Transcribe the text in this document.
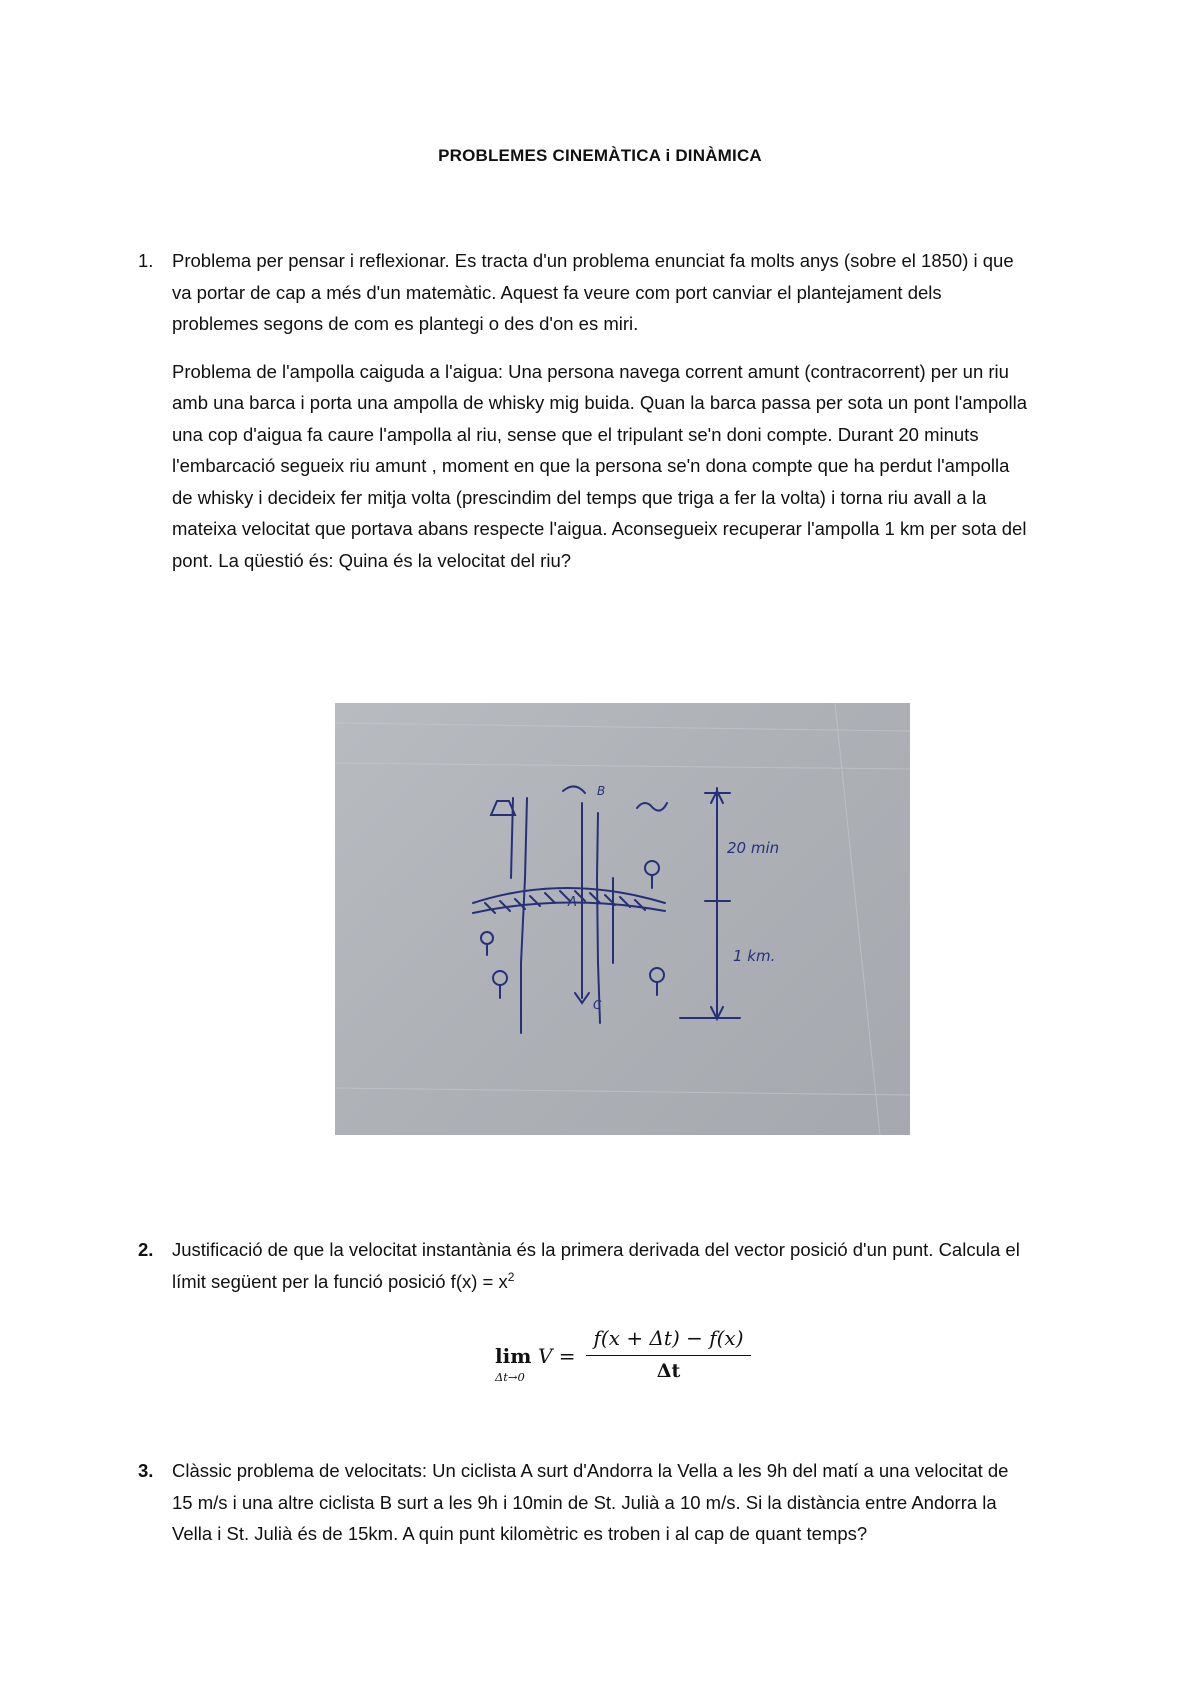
PROBLEMES CINEMÀTICA i DINÀMICA
1. Problema per pensar i reflexionar. Es tracta d'un problema enunciat fa molts anys (sobre el 1850) i que va portar de cap a més d'un matemàtic. Aquest fa veure com port canviar el plantejament dels problemes segons de com es plantegi o des d'on es miri.

Problema de l'ampolla caiguda a l'aigua: Una persona navega corrent amunt (contracorrent) per un riu amb una barca i porta una ampolla de whisky mig buida. Quan la barca passa per sota un pont l'ampolla una cop d'aigua fa caure l'ampolla al riu, sense que el tripulant se'n doni compte. Durant 20 minuts l'embarcació segueix riu amunt , moment en que la persona se'n dona compte que ha perdut l'ampolla de whisky i decideix fer mitja volta (prescindim del temps que triga a fer la volta) i torna riu avall a la mateixa velocitat que portava abans respecte l'aigua. Aconsegueix recuperar l'ampolla 1 km per sota del pont. La qüestió és: Quina és la velocitat del riu?

A
B
C
20 min
1 km.
2. Justificació de que la velocitat instantània és la primera derivada del vector posició d'un punt. Calcula el límit següent per la funció posició $f(x) = x^2$

lim
Δt→0
V =
f(x + Δt) − f(x)
Δt
3. Clàssic problema de velocitats: Un ciclista A surt d'Andorra la Vella a les 9h del matí a una velocitat de 15 m/s i una altre ciclista B surt a les 9h i 10min de St. Julià a 10 m/s. Si la distància entre Andorra la Vella i St. Julià és de 15km. A quin punt kilomètric es troben i al cap de quant temps?
